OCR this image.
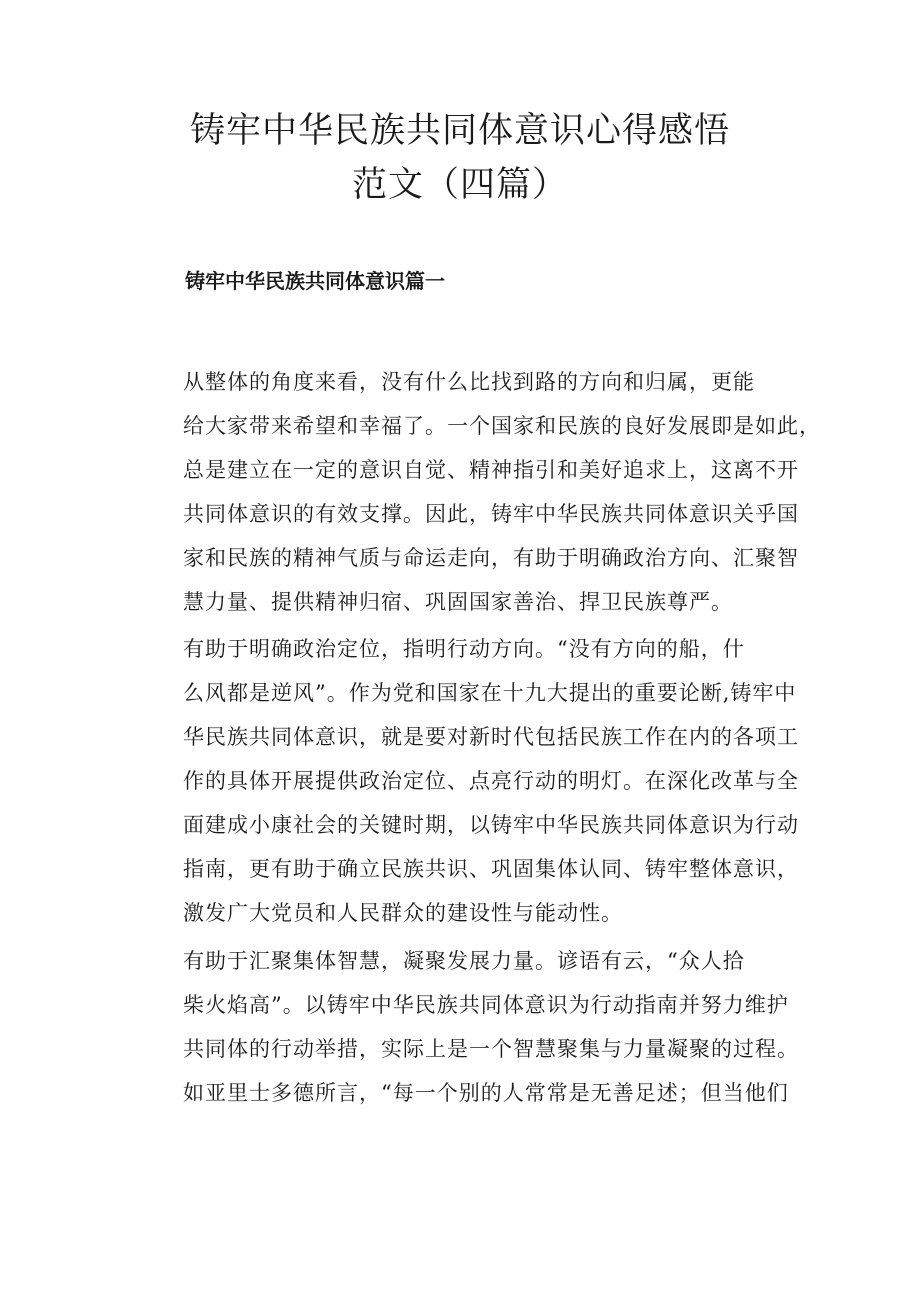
铸牢中华民族共同体意识心得感悟
范文（四篇）
铸牢中华民族共同体意识篇一

从整体的角度来看，没有什么比找到路的方向和归属，更能
给大家带来希望和幸福了。一个国家和民族的良好发展即是如此，
总是建立在一定的意识自觉、精神指引和美好追求上，这离不开
共同体意识的有效支撑。因此，铸牢中华民族共同体意识关乎国
家和民族的精神气质与命运走向，有助于明确政治方向、汇聚智
慧力量、提供精神归宿、巩固国家善治、捍卫民族尊严。

有助于明确政治定位，指明行动方向。“没有方向的船，什
么风都是逆风”。作为党和国家在十九大提出的重要论断,铸牢中
华民族共同体意识，就是要对新时代包括民族工作在内的各项工
作的具体开展提供政治定位、点亮行动的明灯。在深化改革与全
面建成小康社会的关键时期，以铸牢中华民族共同体意识为行动
指南，更有助于确立民族共识、巩固集体认同、铸牢整体意识，
激发广大党员和人民群众的建设性与能动性。

有助于汇聚集体智慧，凝聚发展力量。谚语有云，“众人拾
柴火焰高”。以铸牢中华民族共同体意识为行动指南并努力维护
共同体的行动举措，实际上是一个智慧聚集与力量凝聚的过程。
如亚里士多德所言，“每一个别的人常常是无善足述；但当他们
